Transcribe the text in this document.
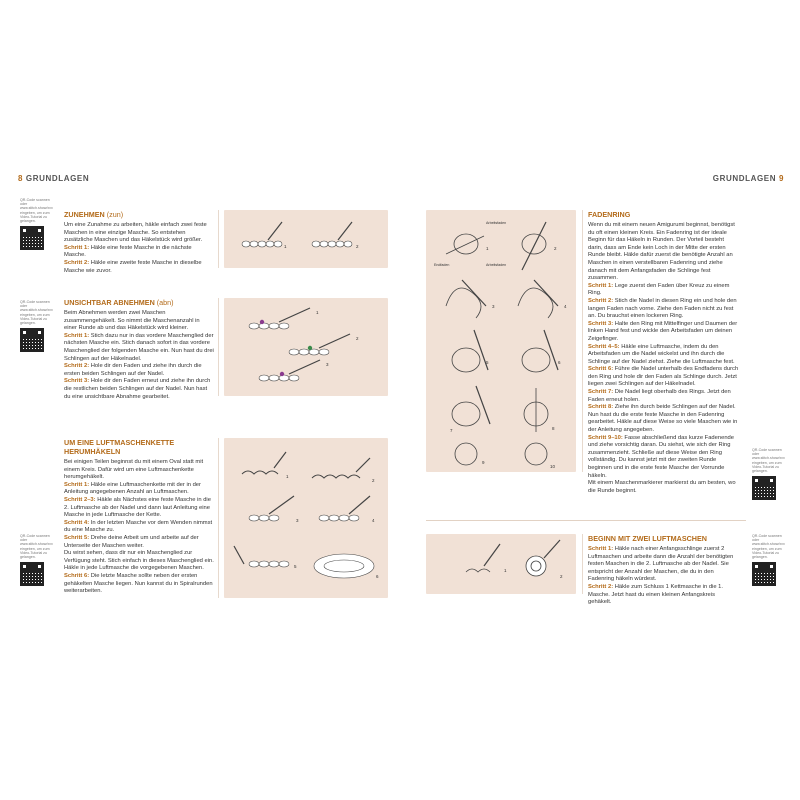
8 GRUNDLAGEN
QR-Code scannen oder www.stitch.show/xxx eingeben, um zum Video-Tutorial zu gelangen.

ZUNEHMEN (zun)

Um eine Zunahme zu arbeiten, häkle einfach zwei feste Maschen in eine einzige Masche. So entstehen zusätzliche Maschen und das Häkelstück wird größer.

Schritt 1: Häkle eine feste Masche in die nächste Masche.

Schritt 2: Häkle eine zweite feste Masche in dieselbe Masche wie zuvor.

1	2
QR-Code scannen oder www.stitch.show/xxx eingeben, um zum Video-Tutorial zu gelangen.

UNSICHTBAR ABNEHMEN (abn)

Beim Abnehmen werden zwei Maschen zusammengehäkelt. So nimmt die Maschenanzahl in einer Runde ab und das Häkelstück wird kleiner.

Schritt 1: Stich dazu nur in das vordere Maschenglied der nächsten Masche ein. Stich danach sofort in das vordere Maschenglied der folgenden Masche ein. Nun hast du drei Schlingen auf der Häkelnadel.

Schritt 2: Hole dir den Faden und ziehe ihn durch die ersten beiden Schlingen auf der Nadel.

Schritt 3: Hole dir den Faden erneut und ziehe ihn durch die restlichen beiden Schlingen auf der Nadel. Nun hast du eine unsichtbare Abnahme gearbeitet.

1
2
3
QR-Code scannen oder www.stitch.show/xxx eingeben, um zum Video-Tutorial zu gelangen.

UM EINE LUFTMASCHENKETTE HERUMHÄKELN

Bei einigen Teilen beginnst du mit einem Oval statt mit einem Kreis. Dafür wird um eine Luftmaschenkette herumgehäkelt.

Schritt 1: Häkle eine Luftmaschenkette mit der in der Anleitung angegebenen Anzahl an Luftmaschen.

Schritt 2–3: Häkle als Nächstes eine feste Masche in die 2. Luftmasche ab der Nadel und dann laut Anleitung eine Masche in jede Luftmasche der Kette.

Schritt 4: In der letzten Masche vor dem Wenden nimmst du eine Masche zu.

Schritt 5: Drehe deine Arbeit um und arbeite auf der Unterseite der Maschen weiter.

Du wirst sehen, dass dir nur ein Maschenglied zur Verfügung steht. Stich einfach in dieses Maschenglied ein. Häkle in jede Luftmasche die vorgegebenen Maschen.

Schritt 6: Die letzte Masche sollte neben der ersten gehäkelten Masche liegen. Nun kannst du in Spiralrunden weiterarbeiten.

1
2
3	4
5
6
GRUNDLAGEN 9
Arbeitsfaden
Endfaden	Arbeitsfaden
1	2
3	4
5	6
7	8
9
10

FADENRING

Wenn du mit einem neuen Amigurumi beginnst, benötigst du oft einen kleinen Kreis. Ein Fadenring ist der ideale Beginn für das Häkeln in Runden. Der Vorteil besteht darin, dass am Ende kein Loch in der Mitte der ersten Runde bleibt. Häkle dafür zuerst die benötigte Anzahl an Maschen in einen verstellbaren Fadenring und ziehe danach mit dem Anfangsfaden die Schlinge fest zusammen.

Schritt 1: Lege zuerst den Faden über Kreuz zu einem Ring.

Schritt 2: Stich die Nadel in diesen Ring ein und hole den langen Faden nach vorne. Ziehe den Faden nicht zu fest an. Du brauchst einen lockeren Ring.

Schritt 3: Halte den Ring mit Mittelfinger und Daumen der linken Hand fest und wickle den Arbeitsfaden um deinen Zeigefinger.

Schritt 4–5: Häkle eine Luftmasche, indem du den Arbeitsfaden um die Nadel wickelst und ihn durch die Schlinge auf der Nadel ziehst. Ziehe die Luftmasche fest.

Schritt 6: Führe die Nadel unterhalb des Endfadens durch den Ring und hole dir den Faden als Schlinge durch. Jetzt liegen zwei Schlingen auf der Häkelnadel.

Schritt 7: Die Nadel liegt oberhalb des Rings. Jetzt den Faden erneut holen.

Schritt 8: Ziehe ihn durch beide Schlingen auf der Nadel. Nun hast du die erste feste Masche in den Fadenring gearbeitet. Häkle auf diese Weise so viele Maschen wie in der Anleitung angegeben.

Schritt 9–10: Fasse abschließend das kurze Fadenende und ziehe vorsichtig daran. Du siehst, wie sich der Ring zusammenzieht. Schließe auf diese Weise den Ring vollständig. Du kannst jetzt mit der zweiten Runde beginnen und in die erste feste Masche der Vorrunde häkeln.

Mit einem Maschenmarkierer markierst du am besten, wo die Runde beginnt.

QR-Code scannen oder www.stitch.show/xxx eingeben, um zum Video-Tutorial zu gelangen.
1
2

BEGINN MIT ZWEI LUFTMASCHEN

Schritt 1: Häkle nach einer Anfangsschlinge zuerst 2 Luftmaschen und arbeite dann die Anzahl der benötigten festen Maschen in die 2. Luftmasche ab der Nadel. Sie entspricht der Anzahl der Maschen, die du in den Fadenring häkeln würdest.

Schritt 2: Häkle zum Schluss 1 Kettmasche in die 1. Masche. Jetzt hast du einen kleinen Anfangskreis gehäkelt.

QR-Code scannen oder www.stitch.show/xxx eingeben, um zum Video-Tutorial zu gelangen.
